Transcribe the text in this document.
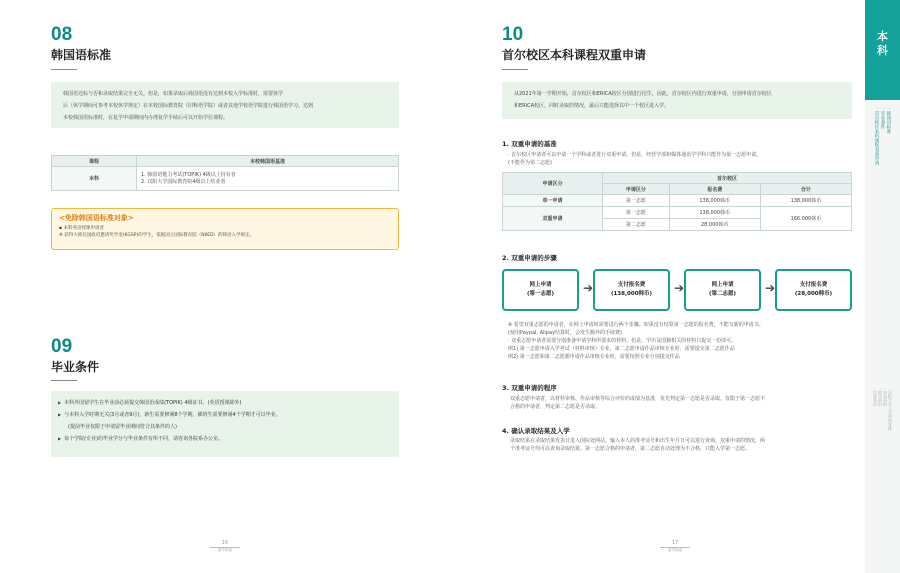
08
韩国语标准

韩国语达标与否和录取结果完全无关。但是，如果录取后韩国语没有达到本校入学标准时，需要休学

后（休学期间可参考本校休学规定）在本校国际教育院（旧称语学院）或者其他学校语学院进行韩国语学习。达到

本校韩国语标准时，在复学申请期间内办理复学手续后可以开始学位课程。

课程	本校韩国语基准
本科	1. 韩国语能力考试(TOPIK) 4级以上持有者
2. 汉阳大学国际教育院4级以上结业者
<免除韩国语标准对象>
▪ 本科英语授课申请者
※ 获得大韩民国政府邀请奖学金(KGSP)的学生，依据国立国际教育院（NIIED）的韩语入学规定。
09
毕业条件
▶ 本科外国留学生在毕业前必须提交韩国语成绩(TOPIK) 4级证书。(英语授课除外)
▶ 与本科入学时期无关(3月或者9月)，新生需要修满8个学期，插班生需要修满4个学期才可以毕业。
(提前毕业仅限于申请留毕业期间符合其条件的人)
▶ 每个学院(专业)的毕业学分与毕业条件有所不同，请咨询各院系办公室。
16
留学指南
10
首尔校区本科课程双重申请

从2021年第一学期开始，首尔校区和ERICA校区分别进行招生。因此，首尔校区内进行双重申请，分别申请首尔校区

和ERICA校区，同时录取的情况，最后只能选择其中一个校区进入学。

1. 双重申请的基准
· 首尔校区申请者可以申请一个学科或者进行双重申请。但是，经营学部和媒体通讯学学科只能作为第一志愿申请。
(不能作为第二志愿)
申请区分	首尔校区		
	申请区分	报名费	合计
单一申请	第一志愿	138,000韩币	138,000韩币
双重申请	第一志愿	138,000韩币	166,000韩币
	第二志愿	28,000韩币	
2. 双重申请的步骤
网上申请
(第一志愿)	➔	支付报名费
(138,000韩币)	➔	网上申请
(第二志愿)	➔	支付报名费
(28,000韩币)
※ 希望双重志愿的申请者，在网上申请时需要进行两个步骤。如果没有结算第一志愿的报名费，不能写新的申请书。
(使用Paypal, Alipay结算时，会发生额外的手续费)
· 双重志愿申请者需要分别准备申请学科所要求的材料。但是，学历及国籍相关的材料只提交一份即可。
例1) 第一志愿申请入学考试（材料审核）专业，第二志愿申请作品审核专业时，需要提交第二志愿作品
例2) 第一志愿和第二志愿都申请作品审核专业时，需要按照专业分别提交作品
3. 双重申请的程序
双重志愿申请者，以材料审核、作品审核等综合评价的成绩为基准，优先判定第一志愿是否录取，仅限于第一志愿不
合格的申请者，判定第二志愿是否录取。
4. 确认录取结果及入学
录取结果在录取结果发表日进入国际处网站，输入本人的准考证号和出生年月日可以进行查询。双重申请的情况，两
个准考证号均可以查询录取结果。第一志愿合格的申请者，第二志愿自动处理为不合格，只能入学第一志愿。
17
留学指南
本
科
· 韩国语标准
· 毕业条件
· 首尔校区本科课程双重申请
· 汉阳大学入学时间安排
· 申请资格
· 提交材料
· 注意事项
